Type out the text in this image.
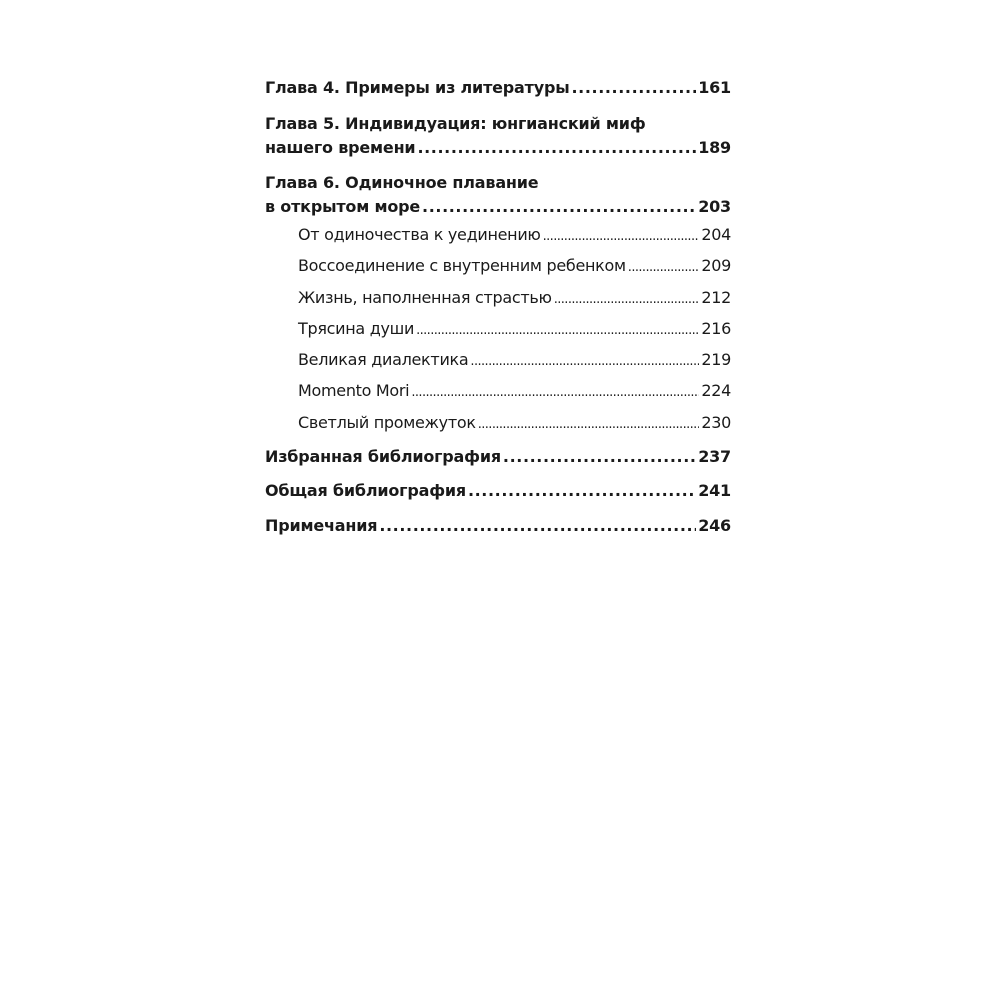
Глава 4. Примеры из литературы .....	161
Глава 5. Индивидуация: юнгианский миф
нашего времени .....	189
Глава 6. Одиночное плавание
в открытом море .....	203
От одиночества к уединению .....	204
Воссоединение с внутренним ребенком .....	209
Жизнь, наполненная страстью .....	212
Трясина души .....	216
Великая диалектика .....	219
Momento Mori .....	224
Светлый промежуток .....	230
Избранная библиография .....	237
Общая библиография .....	241
Примечания .....	246
